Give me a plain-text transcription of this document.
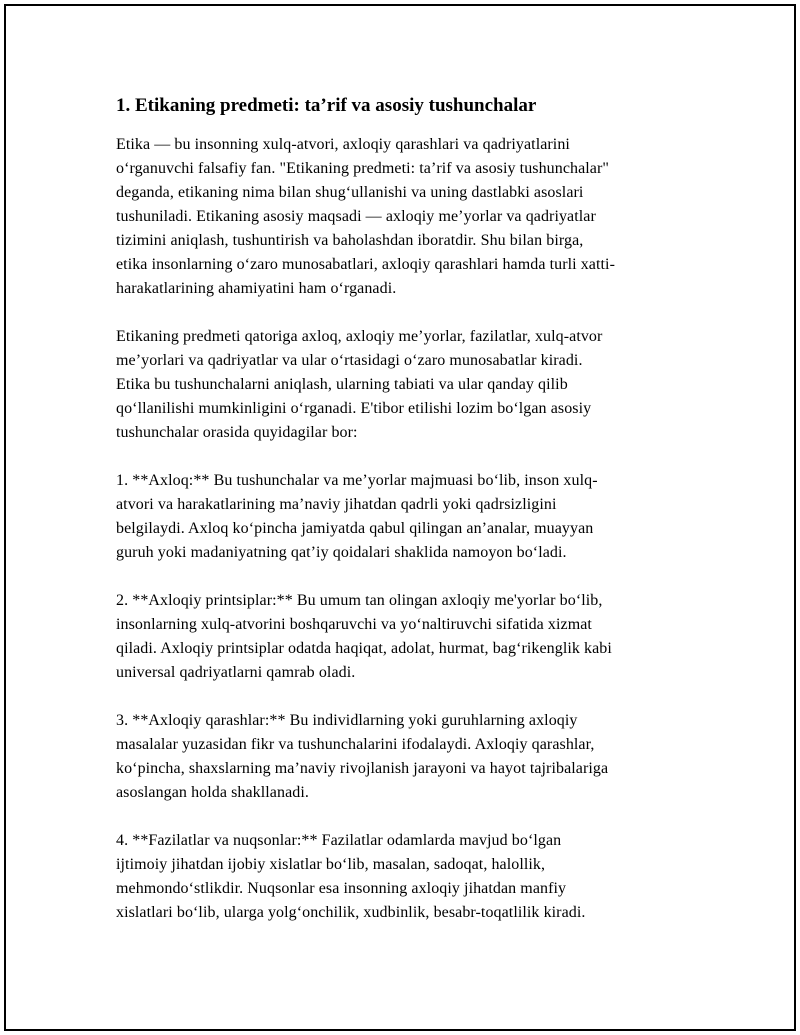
1. Etikaning predmeti: ta’rif va asosiy tushunchalar

Etika — bu insonning xulq-atvori, axloqiy qarashlari va qadriyatlarini
o‘rganuvchi falsafiy fan. "Etikaning predmeti: ta’rif va asosiy tushunchalar"
deganda, etikaning nima bilan shug‘ullanishi va uning dastlabki asoslari
tushuniladi. Etikaning asosiy maqsadi — axloqiy me’yorlar va qadriyatlar
tizimini aniqlash, tushuntirish va baholashdan iboratdir. Shu bilan birga,
etika insonlarning o‘zaro munosabatlari, axloqiy qarashlari hamda turli xatti-
harakatlarining ahamiyatini ham o‘rganadi.

Etikaning predmeti qatoriga axloq, axloqiy me’yorlar, fazilatlar, xulq-atvor
me’yorlari va qadriyatlar va ular o‘rtasidagi o‘zaro munosabatlar kiradi.
Etika bu tushunchalarni aniqlash, ularning tabiati va ular qanday qilib
qo‘llanilishi mumkinligini o‘rganadi. E'tibor etilishi lozim bo‘lgan asosiy
tushunchalar orasida quyidagilar bor:

1. **Axloq:** Bu tushunchalar va me’yorlar majmuasi bo‘lib, inson xulq-
atvori va harakatlarining ma’naviy jihatdan qadrli yoki qadrsizligini
belgilaydi. Axloq ko‘pincha jamiyatda qabul qilingan an’analar, muayyan
guruh yoki madaniyatning qat’iy qoidalari shaklida namoyon bo‘ladi.

2. **Axloqiy printsiplar:** Bu umum tan olingan axloqiy me'yorlar bo‘lib,
insonlarning xulq-atvorini boshqaruvchi va yo‘naltiruvchi sifatida xizmat
qiladi. Axloqiy printsiplar odatda haqiqat, adolat, hurmat, bag‘rikenglik kabi
universal qadriyatlarni qamrab oladi.

3. **Axloqiy qarashlar:** Bu individlarning yoki guruhlarning axloqiy
masalalar yuzasidan fikr va tushunchalarini ifodalaydi. Axloqiy qarashlar,
ko‘pincha, shaxslarning ma’naviy rivojlanish jarayoni va hayot tajribalariga
asoslangan holda shakllanadi.

4. **Fazilatlar va nuqsonlar:** Fazilatlar odamlarda mavjud bo‘lgan
ijtimoiy jihatdan ijobiy xislatlar bo‘lib, masalan, sadoqat, halollik,
mehmondo‘stlikdir. Nuqsonlar esa insonning axloqiy jihatdan manfiy
xislatlari bo‘lib, ularga yolg‘onchilik, xudbinlik, besabr-toqatlilik kiradi.
